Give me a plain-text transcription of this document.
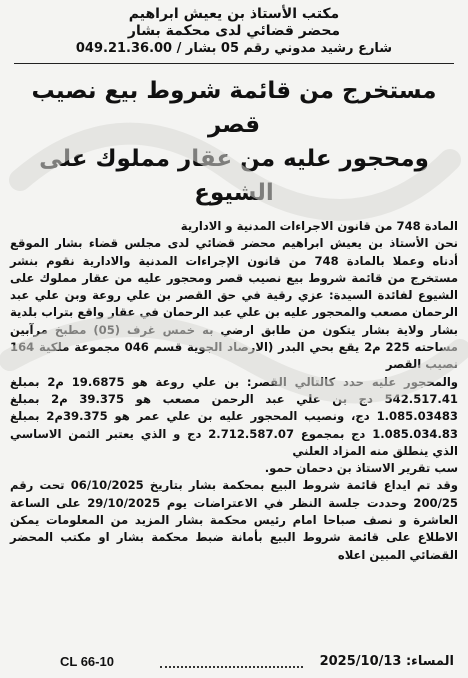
مكتب الأستاذ بن يعيش ابراهيم
محضر قضائي لدى محكمة بشار
شارع رشيد مدوني رقم 05 بشار / 049.21.36.00
مستخرج من قائمة شروط بيع نصيب قصر
ومحجور عليه من عقار مملوك على الشيوع

المادة 748 من قانون الاجراءات المدنية و الادارية

نحن الأستاذ بن يعيش ابراهيم محضر قضائي لدى مجلس قضاء بشار الموقع أدناه وعملا بالمادة 748 من قانون الإجراءات المدنية والادارية نقوم بنشر مستخرج من قائمة شروط بيع نصيب قصر ومحجور عليه من عقار مملوك على الشيوع لفائدة السيدة: عزي رقية في حق القصر بن علي روعة وبن علي عبد الرحمان مصعب والمحجور عليه بن علي عبد الرحمان في عقار واقع بتراب بلدية بشار ولاية بشار يتكون من طابق ارضي به خمس غرف (05) مطبخ مرآبين مساحته 225 م2 يقع بحي البدر (الارصاد الجوية قسم 046 مجموعة ملكية 164 نصيب القصر

والمحجور عليه حدد كالتالي القصر: بن علي روعة هو 19.6875 م2 بمبلغ 542.517.41 دج بن علي عبد الرحمن مصعب هو 39.375 م2 بمبلغ 1.085.03483 دج، ونصيب المحجور عليه بن علي عمر هو 39.375م2 بمبلغ 1.085.034.83 دج بمجموع 2.712.587.07 دج و الذي يعتبر الثمن الاساسي الذي ينطلق منه المزاد العلني

سب تقرير الاستاذ بن دحمان حمو.

وقد تم ايداع قائمة شروط البيع بمحكمة بشار بتاريخ 06/10/2025 تحت رقم 200/25 وحددت جلسة النظر في الاعتراضات يوم 29/10/2025 على الساعة العاشرة و نصف صباحا امام رئيس محكمة بشار المزيد من المعلومات يمكن الاطلاع على قائمة شروط البيع بأمانة ضبط محكمة بشار او مكتب المحضر القضائي المبين اعلاه

CL 66-10	المساء: 2025/10/13
